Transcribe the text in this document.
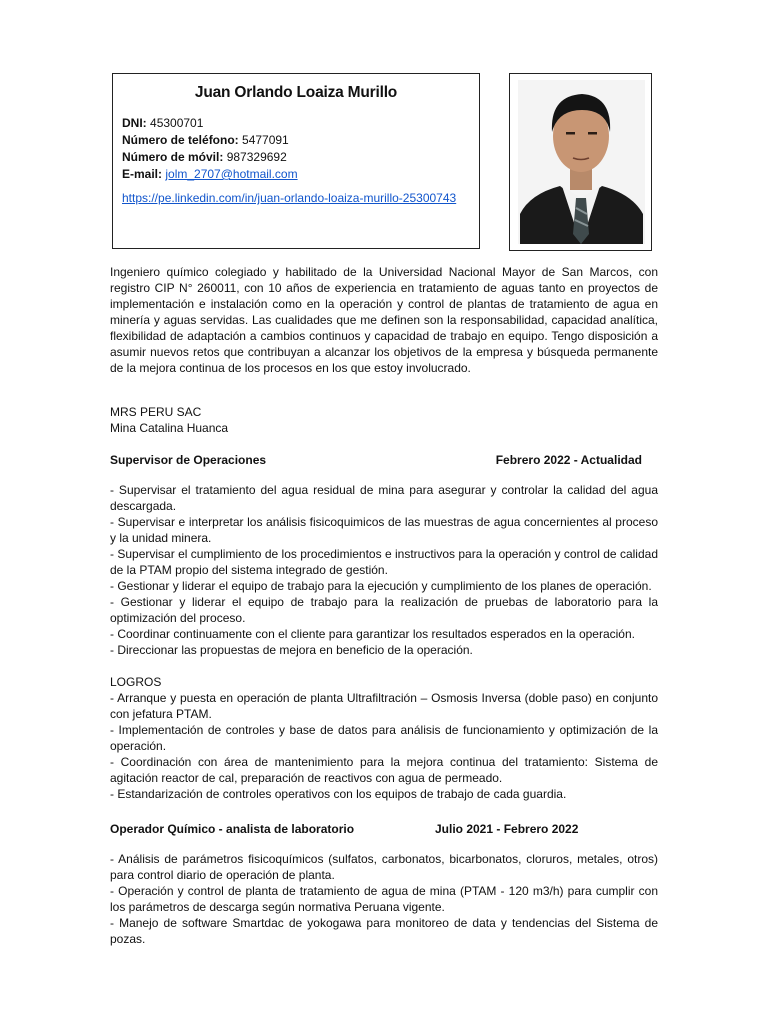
Juan Orlando Loaiza Murillo
DNI: 45300701
Número de teléfono: 5477091
Número de móvil: 987329692
E-mail: jolm_2707@hotmail.com
https://pe.linkedin.com/in/juan-orlando-loaiza-murillo-25300743
Ingeniero químico colegiado y habilitado de la Universidad Nacional Mayor de San Marcos, con registro CIP N° 260011, con 10 años de experiencia en tratamiento de aguas tanto en proyectos de implementación e instalación como en la operación y control de plantas de tratamiento de agua en minería y aguas servidas. Las cualidades que me definen son la responsabilidad, capacidad analítica, flexibilidad de adaptación a cambios continuos y capacidad de trabajo en equipo. Tengo disposición a asumir nuevos retos que contribuyan a alcanzar los objetivos de la empresa y búsqueda permanente de la mejora continua de los procesos en los que estoy involucrado.
MRS PERU SAC
Mina Catalina Huanca
Supervisor de Operaciones	Febrero 2022 - Actualidad

- Supervisar el tratamiento del agua residual de mina para asegurar y controlar la calidad del agua descargada.

- Supervisar e interpretar los análisis fisicoquimicos de las muestras de agua concernientes al proceso y la unidad minera.

- Supervisar el cumplimiento de los procedimientos e instructivos para la operación y control de calidad de la PTAM propio del sistema integrado de gestión.

- Gestionar y liderar el equipo de trabajo para la ejecución y cumplimiento de los planes de operación.

- Gestionar y liderar el equipo de trabajo para la realización de pruebas de laboratorio para la optimización del proceso.

- Coordinar continuamente con el cliente para garantizar los resultados esperados en la operación.

- Direccionar las propuestas de mejora en beneficio de la operación.

LOGROS

- Arranque y puesta en operación de planta Ultrafiltración – Osmosis Inversa (doble paso) en conjunto con jefatura PTAM.

- Implementación de controles y base de datos para análisis de funcionamiento y optimización de la operación.

- Coordinación con área de mantenimiento para la mejora continua del tratamiento: Sistema de agitación reactor de cal, preparación de reactivos con agua de permeado.

- Estandarización de controles operativos con los equipos de trabajo de cada guardia.

Operador Químico - analista de laboratorio	Julio 2021 - Febrero 2022

- Análisis de parámetros fisicoquímicos (sulfatos, carbonatos, bicarbonatos, cloruros, metales, otros) para control diario de operación de planta.

- Operación y control de planta de tratamiento de agua de mina (PTAM - 120 m3/h) para cumplir con los parámetros de descarga según normativa Peruana vigente.

- Manejo de software Smartdac de yokogawa para monitoreo de data y tendencias del Sistema de pozas.
